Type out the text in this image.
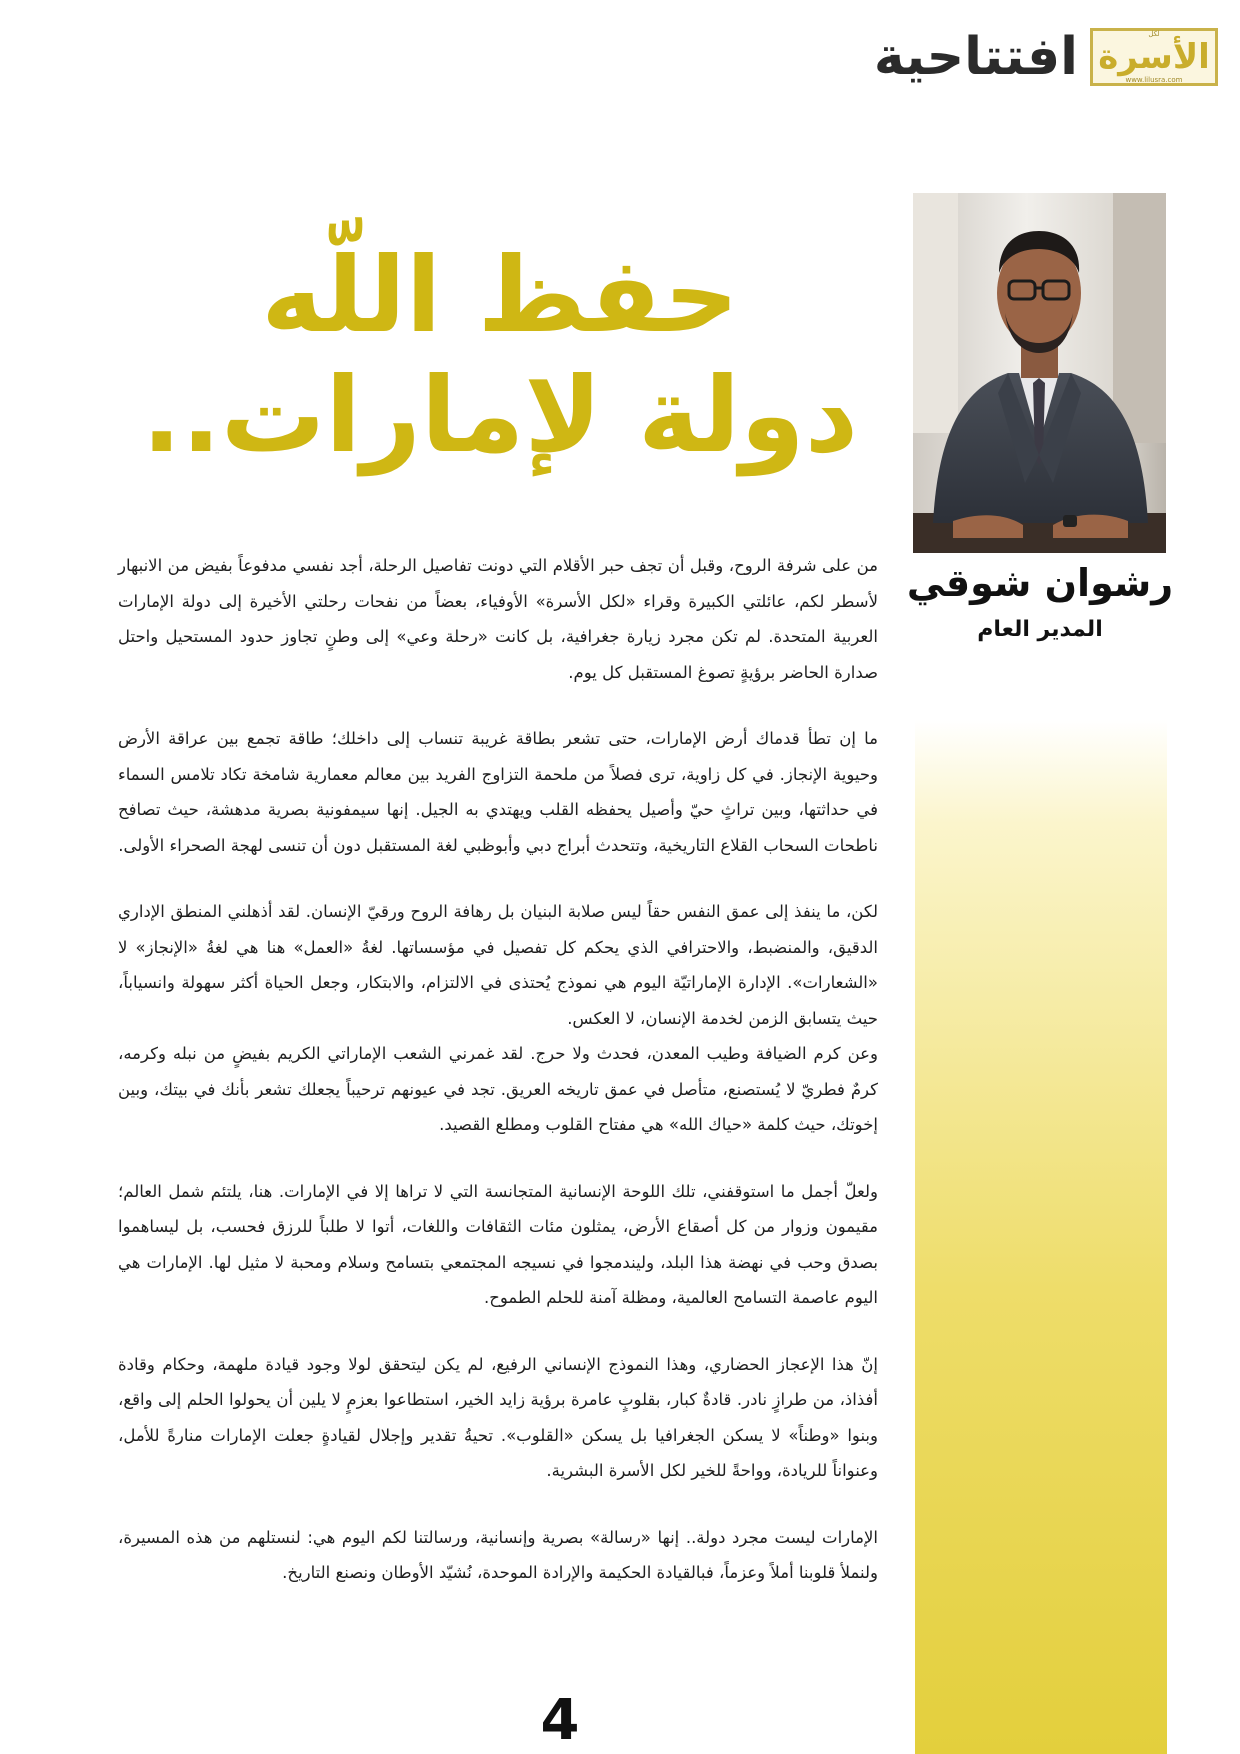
لكل
الأسرة
www.lilusra.com
افتتاحية
رشوان شوقي
المدير العام
حفظ اللّه
دولة لإمارات..

من على شرفة الروح، وقبل أن تجف حبر الأقلام التي دونت تفاصيل الرحلة، أجد نفسي مدفوعاً بفيض من الانبهار لأسطر لكم، عائلتي الكبيرة وقراء «لكل الأسرة» الأوفياء، بعضاً من نفحات رحلتي الأخيرة إلى دولة الإمارات العربية المتحدة. لم تكن مجرد زيارة جغرافية، بل كانت «رحلة وعي» إلى وطنٍ تجاوز حدود المستحيل واحتل صدارة الحاضر برؤيةٍ تصوغ المستقبل كل يوم.

ما إن تطأ قدماك أرض الإمارات، حتى تشعر بطاقة غريبة تنساب إلى داخلك؛ طاقة تجمع بين عراقة الأرض وحيوية الإنجاز. في كل زاوية، ترى فصلاً من ملحمة التزاوج الفريد بين معالم معمارية شامخة تكاد تلامس السماء في حداثتها، وبين تراثٍ حيّ وأصيل يحفظه القلب ويهتدي به الجيل. إنها سيمفونية بصرية مدهشة، حيث تصافح ناطحات السحاب القلاع التاريخية، وتتحدث أبراج دبي وأبوظبي لغة المستقبل دون أن تنسى لهجة الصحراء الأولى.

لكن، ما ينفذ إلى عمق النفس حقاً ليس صلابة البنيان بل رهافة الروح ورقيّ الإنسان. لقد أذهلني المنطق الإداري الدقيق، والمنضبط، والاحترافي الذي يحكم كل تفصيل في مؤسساتها. لغةُ «العمل» هنا هي لغةُ «الإنجاز» لا «الشعارات». الإدارة الإماراتيّة اليوم هي نموذج يُحتذى في الالتزام، والابتكار، وجعل الحياة أكثر سهولة وانسياباً، حيث يتسابق الزمن لخدمة الإنسان، لا العكس.

وعن كرم الضيافة وطيب المعدن، فحدث ولا حرج. لقد غمرني الشعب الإماراتي الكريم بفيضٍ من نبله وكرمه، كرمٌ فطريّ لا يُستصنع، متأصل في عمق تاريخه العريق. تجد في عيونهم ترحيباً يجعلك تشعر بأنك في بيتك، وبين إخوتك، حيث كلمة «حياك الله» هي مفتاح القلوب ومطلع القصيد.

ولعلّ أجمل ما استوقفني، تلك اللوحة الإنسانية المتجانسة التي لا تراها إلا في الإمارات. هنا، يلتئم شمل العالم؛ مقيمون وزوار من كل أصقاع الأرض، يمثلون مئات الثقافات واللغات، أتوا لا طلباً للرزق فحسب، بل ليساهموا بصدق وحب في نهضة هذا البلد، وليندمجوا في نسيجه المجتمعي بتسامح وسلام ومحبة لا مثيل لها. الإمارات هي اليوم عاصمة التسامح العالمية، ومظلة آمنة للحلم الطموح.

إنّ هذا الإعجاز الحضاري، وهذا النموذج الإنساني الرفيع، لم يكن ليتحقق لولا وجود قيادة ملهمة، وحكام وقادة أفذاذ، من طرازٍ نادر. قادةٌ كبار، بقلوبٍ عامرة برؤية زايد الخير، استطاعوا بعزمٍ لا يلين أن يحولوا الحلم إلى واقع، وبنوا «وطناً» لا يسكن الجغرافيا بل يسكن «القلوب». تحيةُ تقدير وإجلال لقيادةٍ جعلت الإمارات منارةً للأمل، وعنواناً للريادة، وواحةً للخير لكل الأسرة البشرية.

الإمارات ليست مجرد دولة.. إنها «رسالة» بصرية وإنسانية، ورسالتنا لكم اليوم هي: لنستلهم من هذه المسيرة، ولنملأ قلوبنا أملاً وعزماً، فبالقيادة الحكيمة والإرادة الموحدة، نُشيّد الأوطان ونصنع التاريخ.

4
